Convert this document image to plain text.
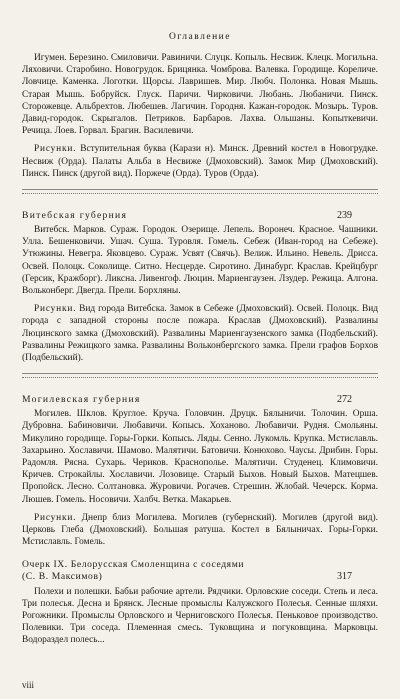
Оглавление

Игумен. Березино. Смиловичи. Равиничи. Слуцк. Копыль. Несвиж. Клецк. Могильна. Ляховичи. Старобино. Новогрудок. Брицянка. Чомброва. Валевка. Городище. Кореличе. Ловчице. Каменка. Логотки. Щорсы. Лавришев. Мир. Любч. Полонка. Новая Мышь. Старая Мышь. Бобруйск. Глуск. Паричи. Чирковичи. Любань. Любаничи. Пинск. Сторожевце. Альбрехтов. Любешев. Лагичин. Городня. Кажан-городок. Мозырь. Туров. Давид-городок. Скрыгалов. Петриков. Барбаров. Лахва. Ольшаны. Копыткевичи. Речица. Лоев. Горвал. Брагин. Василевичи.

Рисунки. Вступительная буква (Карази н). Минск. Древний костел в Новогрудке. Несвиж (Орда). Палаты Альба в Несвиже (Дмоховский). Замок Мир (Дмоховский). Пинск. Пинск (другой вид). Поржече (Орда). Туров (Орда).

Витебская губерния	239

Витебск. Марков. Сураж. Городок. Озерище. Лепель. Воронеч. Красное. Чашники. Улла. Бешенковичи. Ушач. Суша. Туровля. Гомель. Себеж (Иван-город на Себеже). Утюжины. Невегра. Яковцево. Сураж. Усвят (Свячь). Велиж. Ильино. Невель. Дрисса. Освей. Полоцк. Соколище. Ситно. Несцерде. Сиротино. Динабург. Краслав. Крейцбург (Герсик, Кражборг). Ликсна. Ливенгоф. Люцин. Мариенгаузен. Лзудер. Режица. Алгона. Вольконберг. Двегда. Прели. Борхляны.

Рисунки. Вид города Витебска. Замок в Себеже (Дмоховский). Освей. Полоцк. Вид города с западной стороны после пожара. Краслав (Дмоховский). Развалины Люцинского замка (Дмоховский). Развалины Мариенгаузенского замка (Подбельский). Развалины Режицкого замка. Развалины Вольконбергского замка. Прели графов Борхов (Подбельский).

Могилевская губерния	272

Могилев. Шклов. Круглое. Круча. Головчин. Друцк. Бялыничи. Толочин. Орша. Дубровна. Бабиновичи. Любавичи. Копысь. Хоханово. Любавичи. Рудня. Смольяны. Микулино городище. Горы-Горки. Копысь. Ляды. Сенно. Лукомль. Крупка. Мстиславль. Захарьино. Хославичи. Шамово. Малятичи. Батовичи. Конюхово. Чаусы. Дрибин. Горы. Радомля. Рясна. Сухарь. Чериков. Краснополье. Малятичи. Студенец. Климовичи. Кричев. Строкайлы. Хославичи. Лозовице. Старый Быхов. Новый Быхов. Матецшев. Пропойск. Лесно. Солтановка. Журовичи. Рогачев. Стрешин. Жлобай. Чечерск. Корма. Люшев. Гомель. Носовичи. Халбч. Ветка. Макарьев.

Рисунки. Днепр близ Могилева. Могилев (губернский). Могилев (другой вид). Церковь Глеба (Дмоховский). Большая ратуша. Костел в Бялыничах. Горы-Горки. Мстиславль. Гомель.

Очерк IX. Белорусская Смоленщина с соседями
(С. В. Максимов)	317

Полехи и полешки. Бабьи рабочие артели. Рядчики. Орловские соседи. Степь и леса. Три полесья. Десна и Брянск. Лесные промыслы Калужского Полесья. Сенные шляхи. Рогожники. Промыслы Орловского и Черниговского Полесья. Пеньковое производство. Полевики. Три соседа. Племенная смесь. Туковщина и погуковщина. Марковцы. Водораздел полесь...

viii
